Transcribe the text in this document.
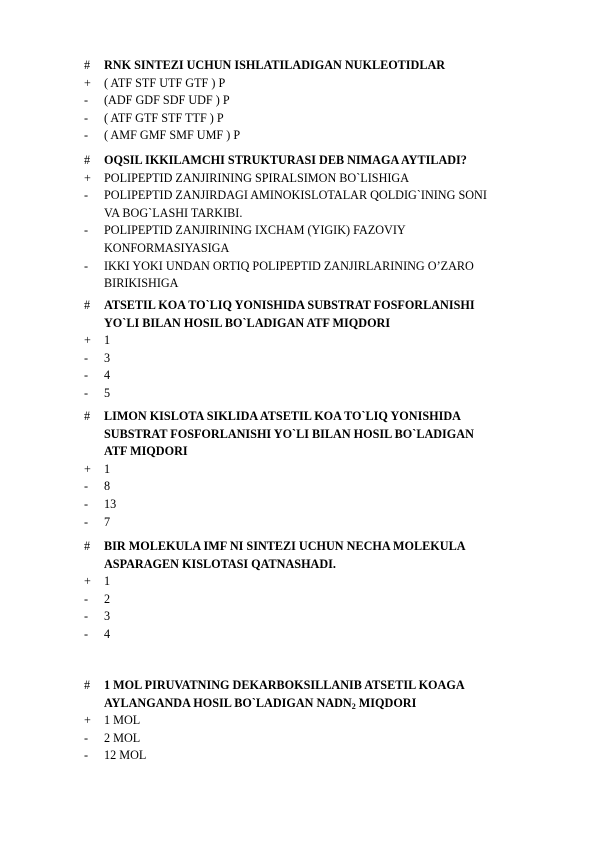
#	RNK SINTEZI UCHUN ISHLATILADIGAN NUKLEOTIDLAR
+	( ATF STF UTF GTF ) P
-	(ADF GDF SDF UDF ) P
-	( ATF GTF STF TTF ) P
-	( AMF GMF SMF UMF ) P
#	OQSIL IKKILAMCHI STRUKTURASI DEB NIMAGA AYTILADI?
+	POLIPEPTID ZANJIRINING SPIRALSIMON BO`LISHIGA
-	POLIPEPTID ZANJIRDAGI AMINOKISLOTALAR QOLDIG`INING SONI
VA BOG`LASHI TARKIBI.
-	POLIPEPTID ZANJIRINING IXCHAM (YIGIK) FAZOVIY
KONFORMASIYASIGA
-	IKKI YOKI UNDAN ORTIQ POLIPEPTID ZANJIRLARINING O’ZARO
BIRIKISHIGA
#	ATSETIL KOA TO`LIQ YONISHIDA SUBSTRAT FOSFORLANISHI
YO`LI BILAN HOSIL BO`LADIGAN ATF MIQDORI
+	1
-	3
-	4
-	5
#	LIMON KISLOTA SIKLIDA ATSETIL KOA TO`LIQ YONISHIDA
SUBSTRAT FOSFORLANISHI YO`LI BILAN HOSIL BO`LADIGAN
ATF MIQDORI
+	1
-	8
-	13
-	7
#	BIR MOLEKULA IMF NI SINTEZI UCHUN NECHA MOLEKULA
ASPARAGEN KISLOTASI QATNASHADI.
+	1
-	2
-	3
-	4
#	1 MOL PIRUVATNING DEKARBOKSILLANIB ATSETIL KOAGA
AYLANGANDA HOSIL BO`LADIGAN $NADN_2$ MIQDORI
+	1 MOL
-	2 MOL
-	12 MOL
